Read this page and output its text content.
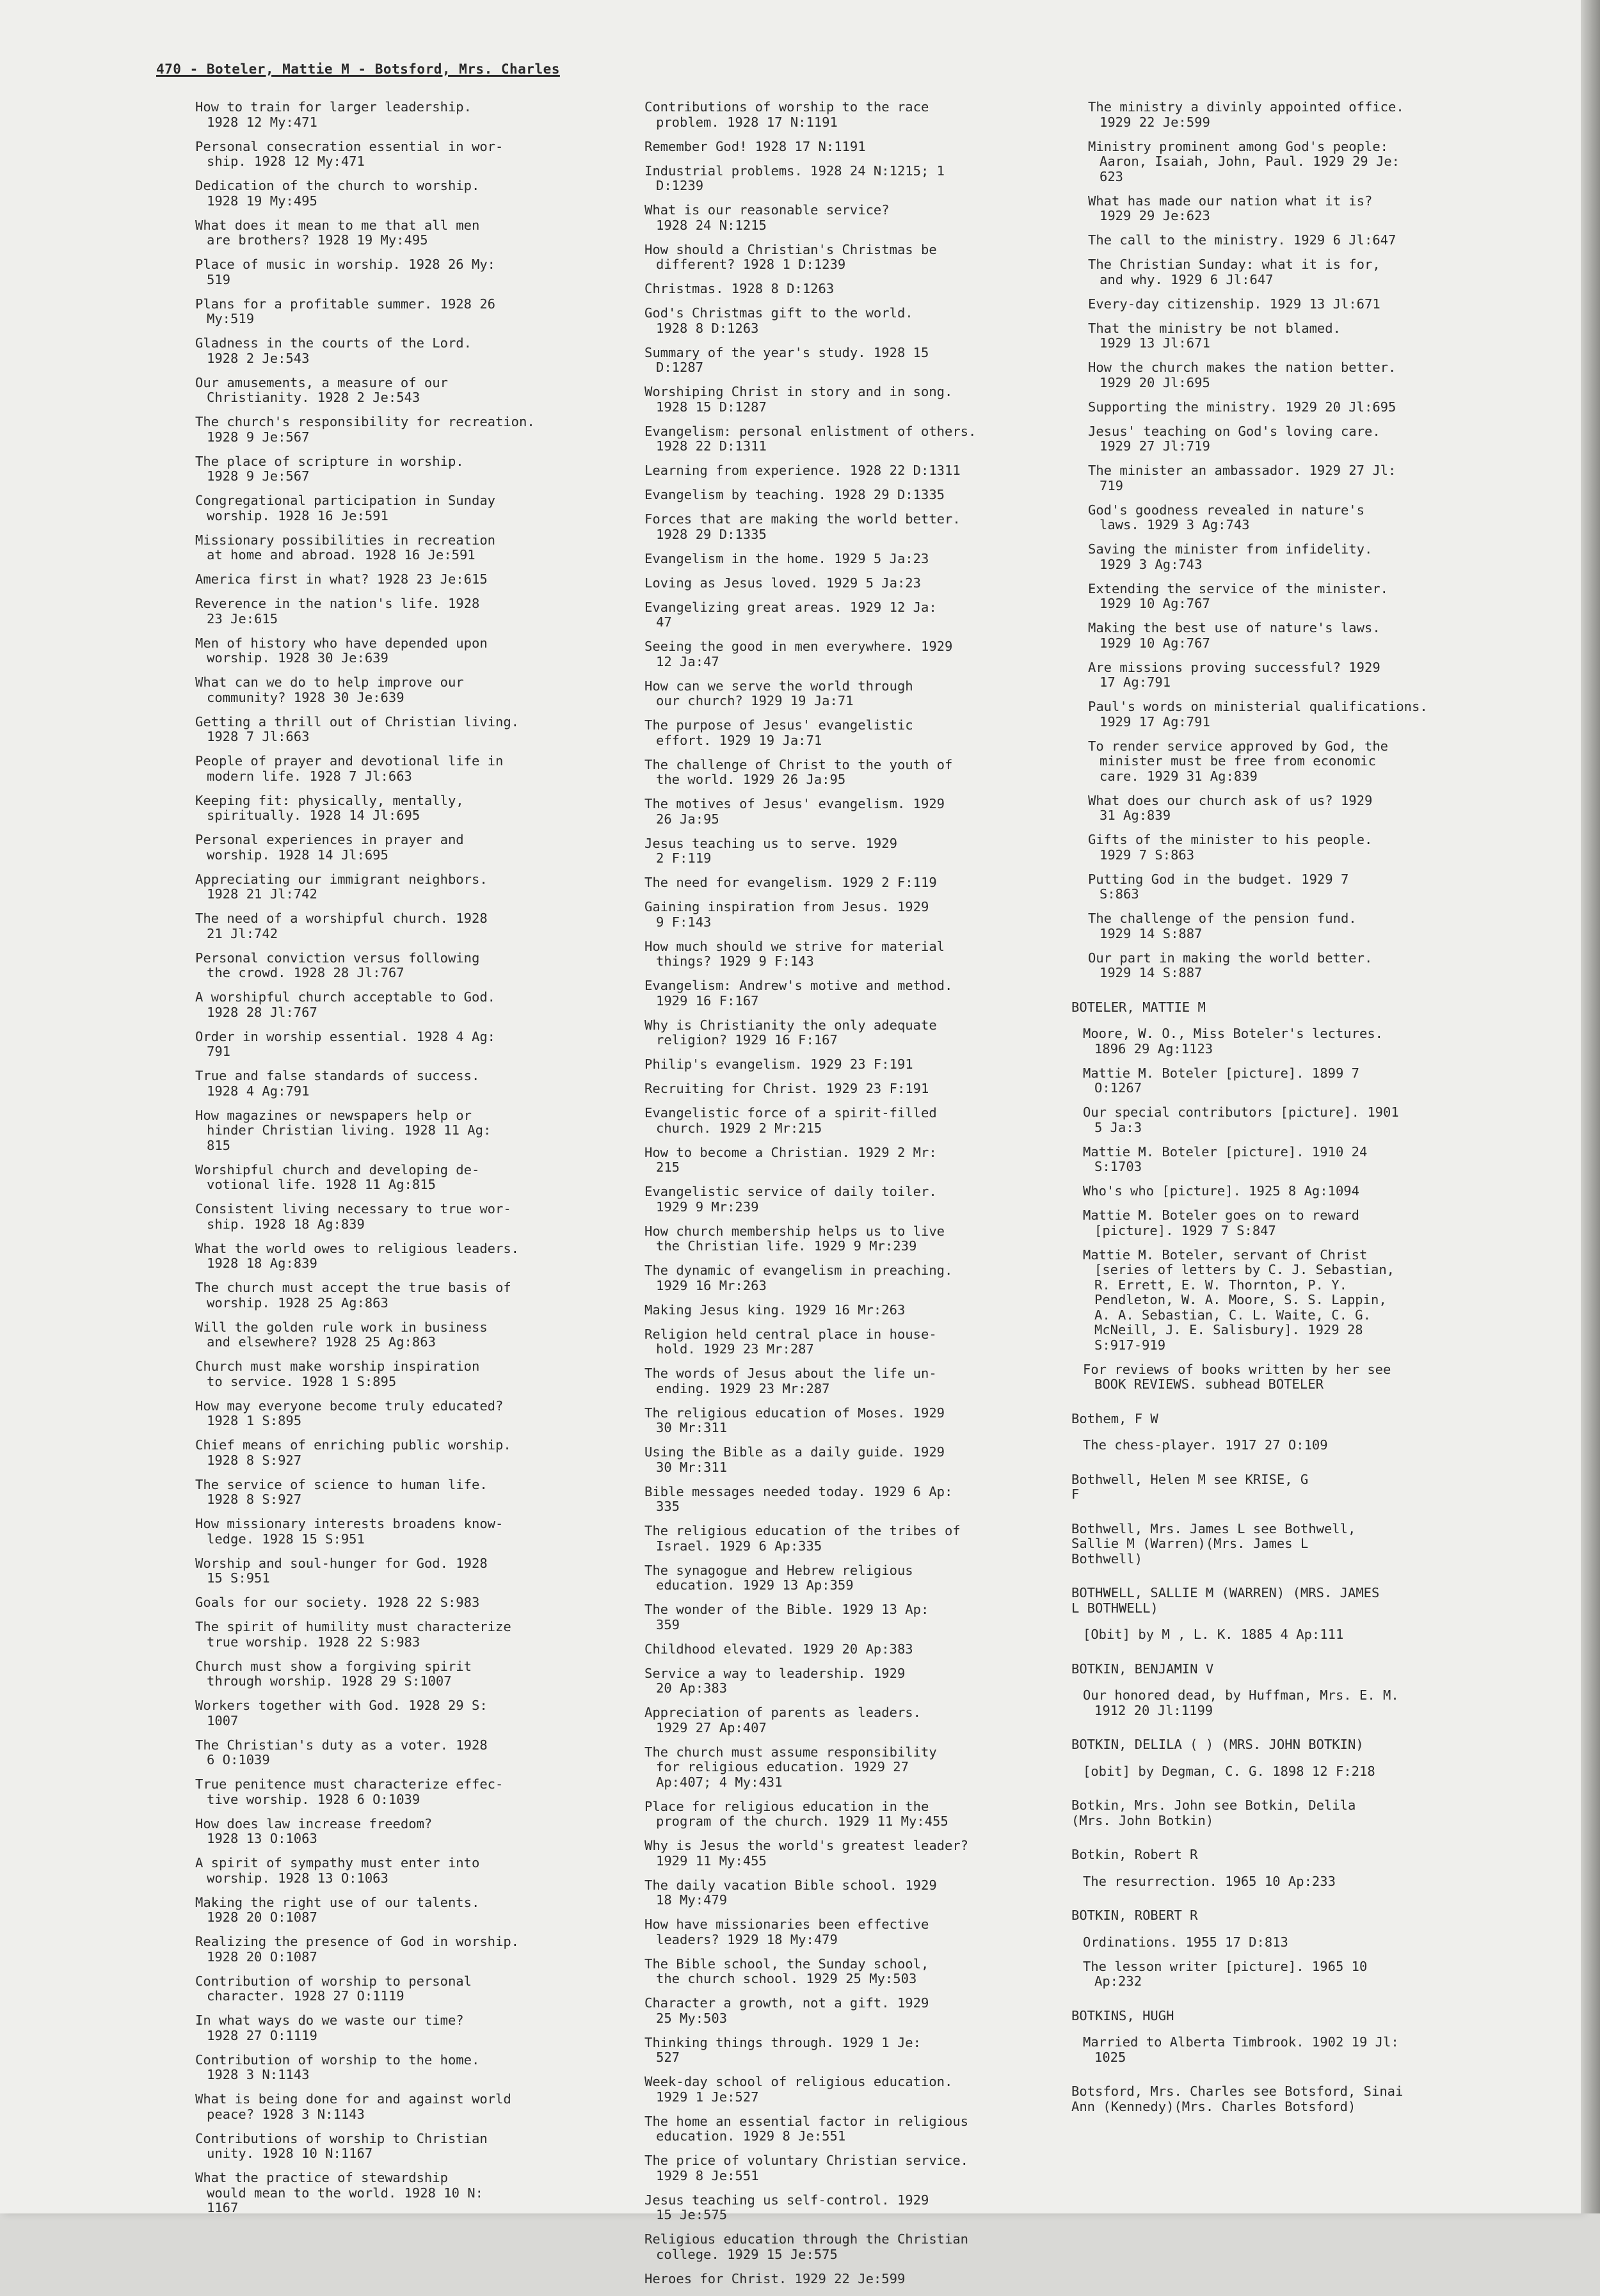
470 - Boteler, Mattie M - Botsford, Mrs. Charles
How to train for larger leadership.
1928 12 My:471
Personal consecration essential in wor-
ship. 1928 12 My:471
Dedication of the church to worship.
1928 19 My:495
What does it mean to me that all men
are brothers? 1928 19 My:495
Place of music in worship. 1928 26 My:
519
Plans for a profitable summer. 1928 26
My:519
Gladness in the courts of the Lord.
1928 2 Je:543
Our amusements, a measure of our
Christianity. 1928 2 Je:543
The church's responsibility for recreation.
1928 9 Je:567
The place of scripture in worship.
1928 9 Je:567
Congregational participation in Sunday
worship. 1928 16 Je:591
Missionary possibilities in recreation
at home and abroad. 1928 16 Je:591
America first in what? 1928 23 Je:615
Reverence in the nation's life. 1928
23 Je:615
Men of history who have depended upon
worship. 1928 30 Je:639
What can we do to help improve our
community? 1928 30 Je:639
Getting a thrill out of Christian living.
1928 7 Jl:663
People of prayer and devotional life in
modern life. 1928 7 Jl:663
Keeping fit: physically, mentally,
spiritually. 1928 14 Jl:695
Personal experiences in prayer and
worship. 1928 14 Jl:695
Appreciating our immigrant neighbors.
1928 21 Jl:742
The need of a worshipful church. 1928
21 Jl:742
Personal conviction versus following
the crowd. 1928 28 Jl:767
A worshipful church acceptable to God.
1928 28 Jl:767
Order in worship essential. 1928 4 Ag:
791
True and false standards of success.
1928 4 Ag:791
How magazines or newspapers help or
hinder Christian living. 1928 11 Ag:
815
Worshipful church and developing de-
votional life. 1928 11 Ag:815
Consistent living necessary to true wor-
ship. 1928 18 Ag:839
What the world owes to religious leaders.
1928 18 Ag:839
The church must accept the true basis of
worship. 1928 25 Ag:863
Will the golden rule work in business
and elsewhere? 1928 25 Ag:863
Church must make worship inspiration
to service. 1928 1 S:895
How may everyone become truly educated?
1928 1 S:895
Chief means of enriching public worship.
1928 8 S:927
The service of science to human life.
1928 8 S:927
How missionary interests broadens know-
ledge. 1928 15 S:951
Worship and soul-hunger for God. 1928
15 S:951
Goals for our society. 1928 22 S:983
The spirit of humility must characterize
true worship. 1928 22 S:983
Church must show a forgiving spirit
through worship. 1928 29 S:1007
Workers together with God. 1928 29 S:
1007
The Christian's duty as a voter. 1928
6 O:1039
True penitence must characterize effec-
tive worship. 1928 6 O:1039
How does law increase freedom?
1928 13 O:1063
A spirit of sympathy must enter into
worship. 1928 13 O:1063
Making the right use of our talents.
1928 20 O:1087
Realizing the presence of God in worship.
1928 20 O:1087
Contribution of worship to personal
character. 1928 27 O:1119
In what ways do we waste our time?
1928 27 O:1119
Contribution of worship to the home.
1928 3 N:1143
What is being done for and against world
peace? 1928 3 N:1143
Contributions of worship to Christian
unity. 1928 10 N:1167
What the practice of stewardship
would mean to the world. 1928 10 N:
1167
Contributions of worship to the race
problem. 1928 17 N:1191
Remember God! 1928 17 N:1191
Industrial problems. 1928 24 N:1215; 1
D:1239
What is our reasonable service?
1928 24 N:1215
How should a Christian's Christmas be
different? 1928 1 D:1239
Christmas. 1928 8 D:1263
God's Christmas gift to the world.
1928 8 D:1263
Summary of the year's study. 1928 15
D:1287
Worshiping Christ in story and in song.
1928 15 D:1287
Evangelism: personal enlistment of others.
1928 22 D:1311
Learning from experience. 1928 22 D:1311
Evangelism by teaching. 1928 29 D:1335
Forces that are making the world better.
1928 29 D:1335
Evangelism in the home. 1929 5 Ja:23
Loving as Jesus loved. 1929 5 Ja:23
Evangelizing great areas. 1929 12 Ja:
47
Seeing the good in men everywhere. 1929
12 Ja:47
How can we serve the world through
our church? 1929 19 Ja:71
The purpose of Jesus' evangelistic
effort. 1929 19 Ja:71
The challenge of Christ to the youth of
the world. 1929 26 Ja:95
The motives of Jesus' evangelism. 1929
26 Ja:95
Jesus teaching us to serve. 1929
2 F:119
The need for evangelism. 1929 2 F:119
Gaining inspiration from Jesus. 1929
9 F:143
How much should we strive for material
things? 1929 9 F:143
Evangelism: Andrew's motive and method.
1929 16 F:167
Why is Christianity the only adequate
religion? 1929 16 F:167
Philip's evangelism. 1929 23 F:191
Recruiting for Christ. 1929 23 F:191
Evangelistic force of a spirit-filled
church. 1929 2 Mr:215
How to become a Christian. 1929 2 Mr:
215
Evangelistic service of daily toiler.
1929 9 Mr:239
How church membership helps us to live
the Christian life. 1929 9 Mr:239
The dynamic of evangelism in preaching.
1929 16 Mr:263
Making Jesus king. 1929 16 Mr:263
Religion held central place in house-
hold. 1929 23 Mr:287
The words of Jesus about the life un-
ending. 1929 23 Mr:287
The religious education of Moses. 1929
30 Mr:311
Using the Bible as a daily guide. 1929
30 Mr:311
Bible messages needed today. 1929 6 Ap:
335
The religious education of the tribes of
Israel. 1929 6 Ap:335
The synagogue and Hebrew religious
education. 1929 13 Ap:359
The wonder of the Bible. 1929 13 Ap:
359
Childhood elevated. 1929 20 Ap:383
Service a way to leadership. 1929
20 Ap:383
Appreciation of parents as leaders.
1929 27 Ap:407
The church must assume responsibility
for religious education. 1929 27
Ap:407; 4 My:431
Place for religious education in the
program of the church. 1929 11 My:455
Why is Jesus the world's greatest leader?
1929 11 My:455
The daily vacation Bible school. 1929
18 My:479
How have missionaries been effective
leaders? 1929 18 My:479
The Bible school, the Sunday school,
the church school. 1929 25 My:503
Character a growth, not a gift. 1929
25 My:503
Thinking things through. 1929 1 Je:
527
Week-day school of religious education.
1929 1 Je:527
The home an essential factor in religious
education. 1929 8 Je:551
The price of voluntary Christian service.
1929 8 Je:551
Jesus teaching us self-control. 1929
15 Je:575
Religious education through the Christian
college. 1929 15 Je:575
Heroes for Christ. 1929 22 Je:599
The ministry a divinly appointed office.
1929 22 Je:599
Ministry prominent among God's people:
Aaron, Isaiah, John, Paul. 1929 29 Je:
623
What has made our nation what it is?
1929 29 Je:623
The call to the ministry. 1929 6 Jl:647
The Christian Sunday: what it is for,
and why. 1929 6 Jl:647
Every-day citizenship. 1929 13 Jl:671
That the ministry be not blamed.
1929 13 Jl:671
How the church makes the nation better.
1929 20 Jl:695
Supporting the ministry. 1929 20 Jl:695
Jesus' teaching on God's loving care.
1929 27 Jl:719
The minister an ambassador. 1929 27 Jl:
719
God's goodness revealed in nature's
laws. 1929 3 Ag:743
Saving the minister from infidelity.
1929 3 Ag:743
Extending the service of the minister.
1929 10 Ag:767
Making the best use of nature's laws.
1929 10 Ag:767
Are missions proving successful? 1929
17 Ag:791
Paul's words on ministerial qualifications.
1929 17 Ag:791
To render service approved by God, the
minister must be free from economic
care. 1929 31 Ag:839
What does our church ask of us? 1929
31 Ag:839
Gifts of the minister to his people.
1929 7 S:863
Putting God in the budget. 1929 7
S:863
The challenge of the pension fund.
1929 14 S:887
Our part in making the world better.
1929 14 S:887
BOTELER, MATTIE M
Moore, W. O., Miss Boteler's lectures.
1896 29 Ag:1123
Mattie M. Boteler [picture]. 1899 7
O:1267
Our special contributors [picture]. 1901
5 Ja:3
Mattie M. Boteler [picture]. 1910 24
S:1703
Who's who [picture]. 1925 8 Ag:1094
Mattie M. Boteler goes on to reward
[picture]. 1929 7 S:847
Mattie M. Boteler, servant of Christ
[series of letters by C. J. Sebastian,
R. Errett, E. W. Thornton, P. Y.
Pendleton, W. A. Moore, S. S. Lappin,
A. A. Sebastian, C. L. Waite, C. G.
McNeill, J. E. Salisbury]. 1929 28
S:917-919
For reviews of books written by her see
BOOK REVIEWS. subhead BOTELER
Bothem, F W
The chess-player. 1917 27 O:109
Bothwell, Helen M see KRISE, G
F
Bothwell, Mrs. James L see Bothwell,
Sallie M (Warren)(Mrs. James L
Bothwell)
BOTHWELL, SALLIE M (WARREN) (MRS. JAMES
L BOTHWELL)
[Obit] by M , L. K. 1885 4 Ap:111
BOTKIN, BENJAMIN V
Our honored dead, by Huffman, Mrs. E. M.
1912 20 Jl:1199
BOTKIN, DELILA ( ) (MRS. JOHN BOTKIN)
[obit] by Degman, C. G. 1898 12 F:218
Botkin, Mrs. John see Botkin, Delila
(Mrs. John Botkin)
Botkin, Robert R
The resurrection. 1965 10 Ap:233
BOTKIN, ROBERT R
Ordinations. 1955 17 D:813
The lesson writer [picture]. 1965 10
Ap:232
BOTKINS, HUGH
Married to Alberta Timbrook. 1902 19 Jl:
1025
Botsford, Mrs. Charles see Botsford, Sinai
Ann (Kennedy)(Mrs. Charles Botsford)
